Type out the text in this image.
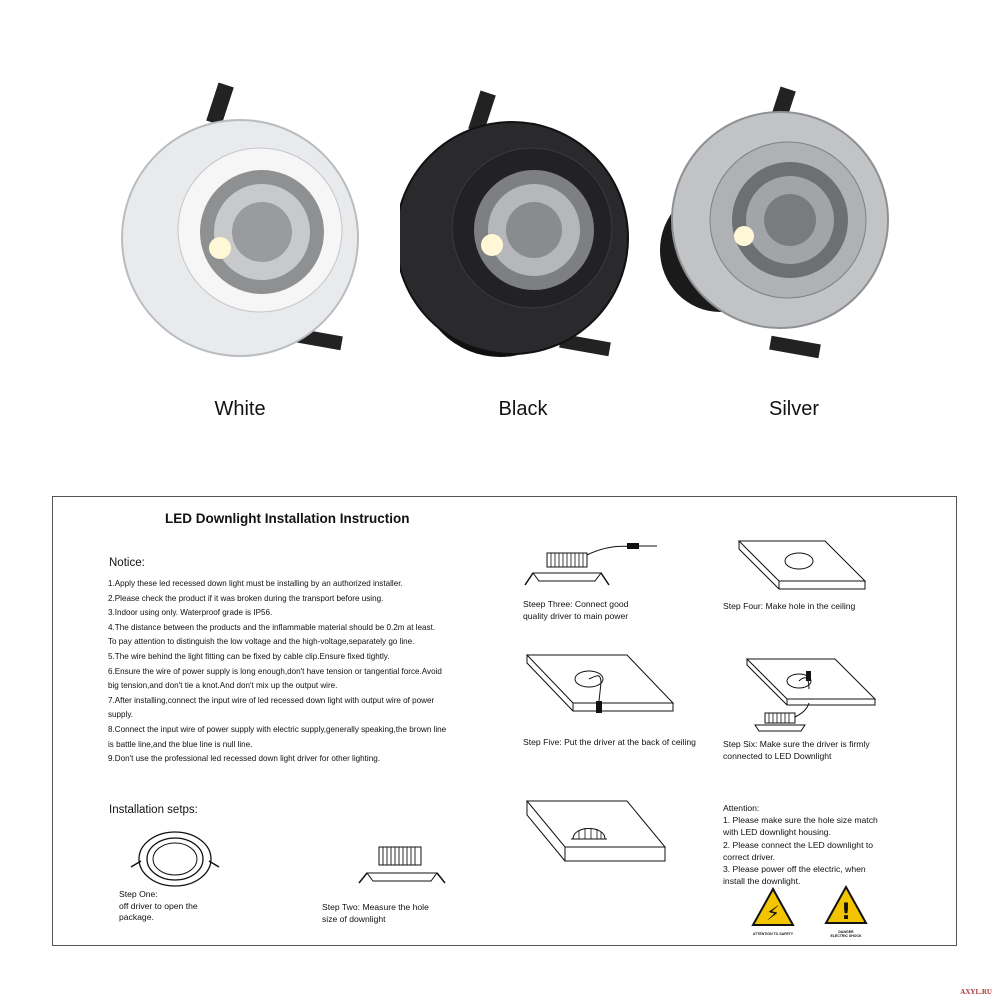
White	Black	Silver
LED Downlight Installation Instruction
Notice:
1.Apply these led recessed down light must be installing by an authorized installer.
2.Please check the product if it was broken during the transport before using.
3.Indoor using only. Waterproof grade is IP56.
4.The distance between the products and the inflammable material should be 0.2m at least.
To pay attention to distinguish the low voltage and the high-voltage,separately go line.
5.The wire behind the light fitting can be fixed by cable clip.Ensure fixed tightly.
6.Ensure the wire of power supply is long enough,don't have tension or tangential force.Avoid
big tension,and don't tie a knot.And don't mix up the output wire.
7.After installing,connect the input wire of led recessed down light with output wire of power
supply.
8.Connect the input wire of power supply with electric supply,generally speaking,the brown line
is battle line,and the blue line is null line.
9.Don't use the professional led recessed down light driver for other lighting.
Installation setps:
Step One:
off driver to open the
package.
Step Two: Measure the hole
size of downlight
Steep Three: Connect good
quality driver to main power
Step Four: Make hole in the ceiling
Step Five: Put the driver at the back of ceiling	Step Six: Make sure the driver is firmly
connected to LED Downlight
Attention:
1. Please make sure the hole size match
with LED downlight housing.
2. Please connect the LED downlight to
correct driver.
3. Please power off the electric, when
install the downlight.
⚡
ATTENTION TO SAFETY
!
DANGER
ELECTRIC SHOCK
AXYL.RU
